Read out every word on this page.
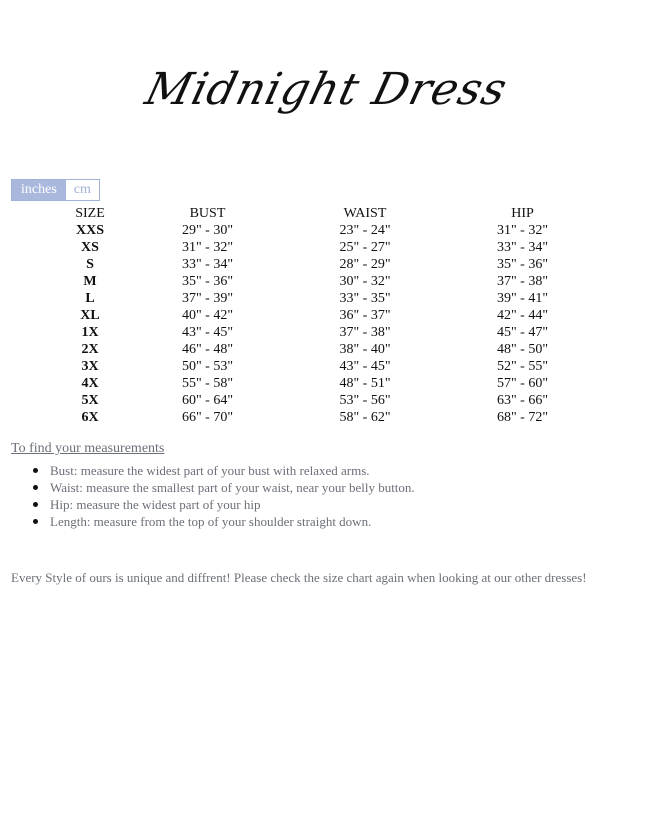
Midnight Dress
inches	cm
SIZE	BUST	WAIST	HIP
XXS	29" - 30"	23" - 24"	31" - 32"
XS	31" - 32"	25" - 27"	33" - 34"
S	33" - 34"	28" - 29"	35" - 36"
M	35" - 36"	30" - 32"	37" - 38"
L	37" - 39"	33" - 35"	39" - 41"
XL	40" - 42"	36" - 37"	42" - 44"
1X	43" - 45"	37" - 38"	45" - 47"
2X	46" - 48"	38" - 40"	48" - 50"
3X	50" - 53"	43" - 45"	52" - 55"
4X	55" - 58"	48" - 51"	57" - 60"
5X	60" - 64"	53" - 56"	63" - 66"
6X	66" - 70"	58" - 62"	68" - 72"
To find your measurements
Bust: measure the widest part of your bust with relaxed arms.
Waist: measure the smallest part of your waist, near your belly button.
Hip: measure the widest part of your hip
Length: measure from the top of your shoulder straight down.
Every Style of ours is unique and diffrent! Please check the size chart again when looking at our other dresses!
